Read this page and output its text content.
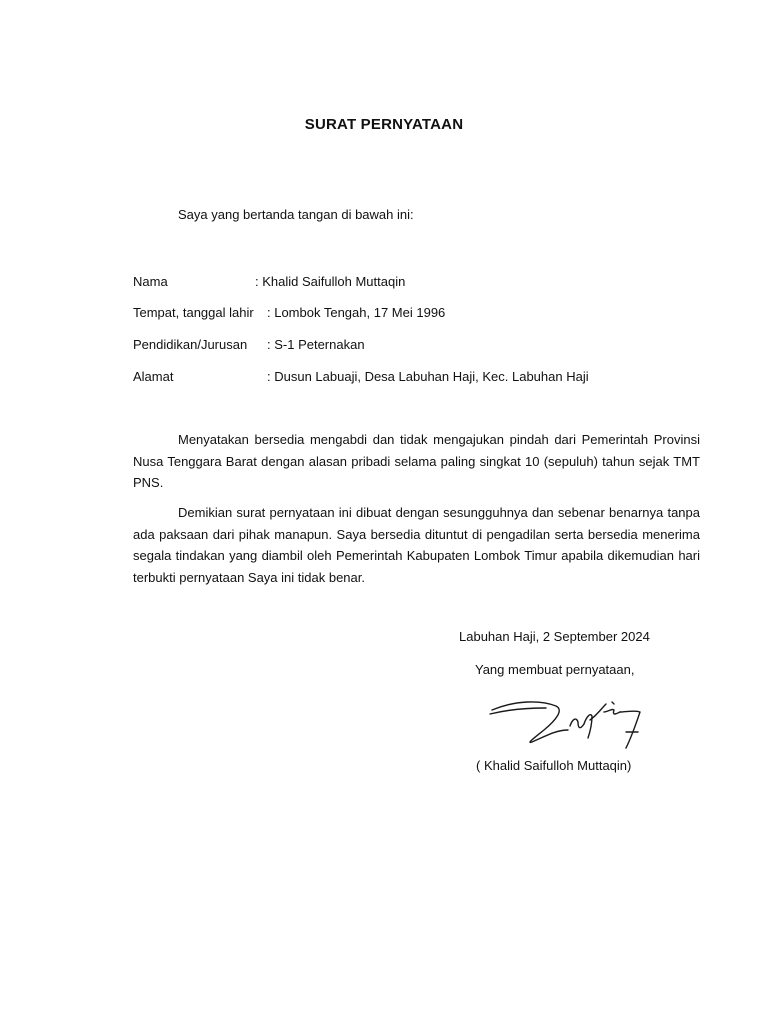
SURAT PERNYATAAN
Saya yang bertanda tangan di bawah ini:
Nama	: Khalid Saifulloh Muttaqin
Tempat, tanggal lahir : Lombok Tengah, 17 Mei 1996
Pendidikan/Jurusan : S-1 Peternakan
Alamat	: Dusun Labuaji, Desa Labuhan Haji, Kec. Labuhan Haji
Menyatakan bersedia mengabdi dan tidak mengajukan pindah dari Pemerintah Provinsi Nusa Tenggara Barat dengan alasan pribadi selama paling singkat 10 (sepuluh) tahun sejak TMT PNS.
Demikian surat pernyataan ini dibuat dengan sesungguhnya dan sebenar benarnya tanpa ada paksaan dari pihak manapun. Saya bersedia dituntut di pengadilan serta bersedia menerima segala tindakan yang diambil oleh Pemerintah Kabupaten Lombok Timur apabila dikemudian hari terbukti pernyataan Saya ini tidak benar.
Labuhan Haji, 2 September 2024
Yang membuat pernyataan,
( Khalid Saifulloh Muttaqin)
